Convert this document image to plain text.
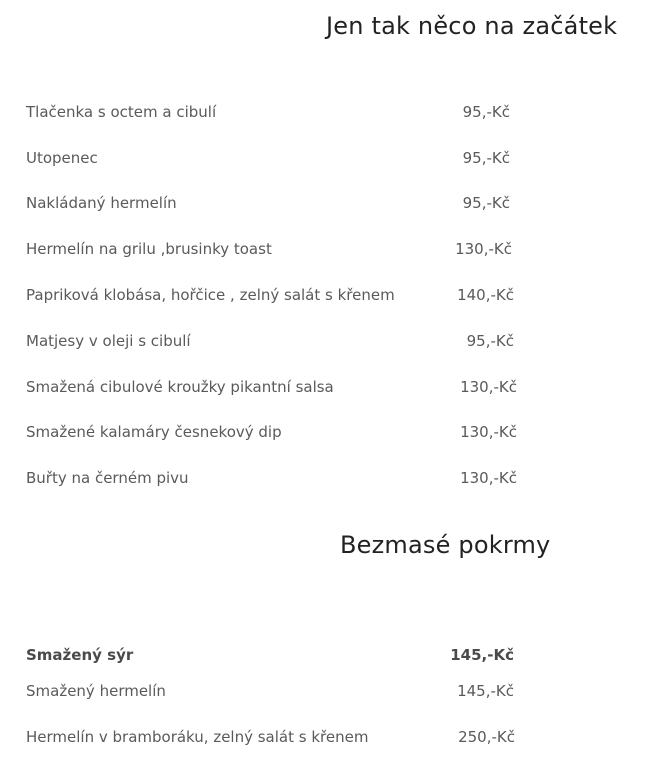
Jen tak něco na začátek
Tlačenka s octem a cibulí	95,-Kč
Utopenec	95,-Kč
Nakládaný hermelín	95,-Kč
Hermelín na grilu ,brusinky toast	130,-Kč
Papriková klobása, hořčice , zelný salát s křenem	140,-Kč
Matjesy v oleji s cibulí	95,-Kč
Smažená cibulové kroužky pikantní salsa	130,-Kč
Smažené kalamáry česnekový dip	130,-Kč
Buřty na černém pivu	130,-Kč
Bezmasé pokrmy
Smažený sýr	145,-Kč
Smažený hermelín	145,-Kč
Hermelín v bramboráku, zelný salát s křenem	250,-Kč
